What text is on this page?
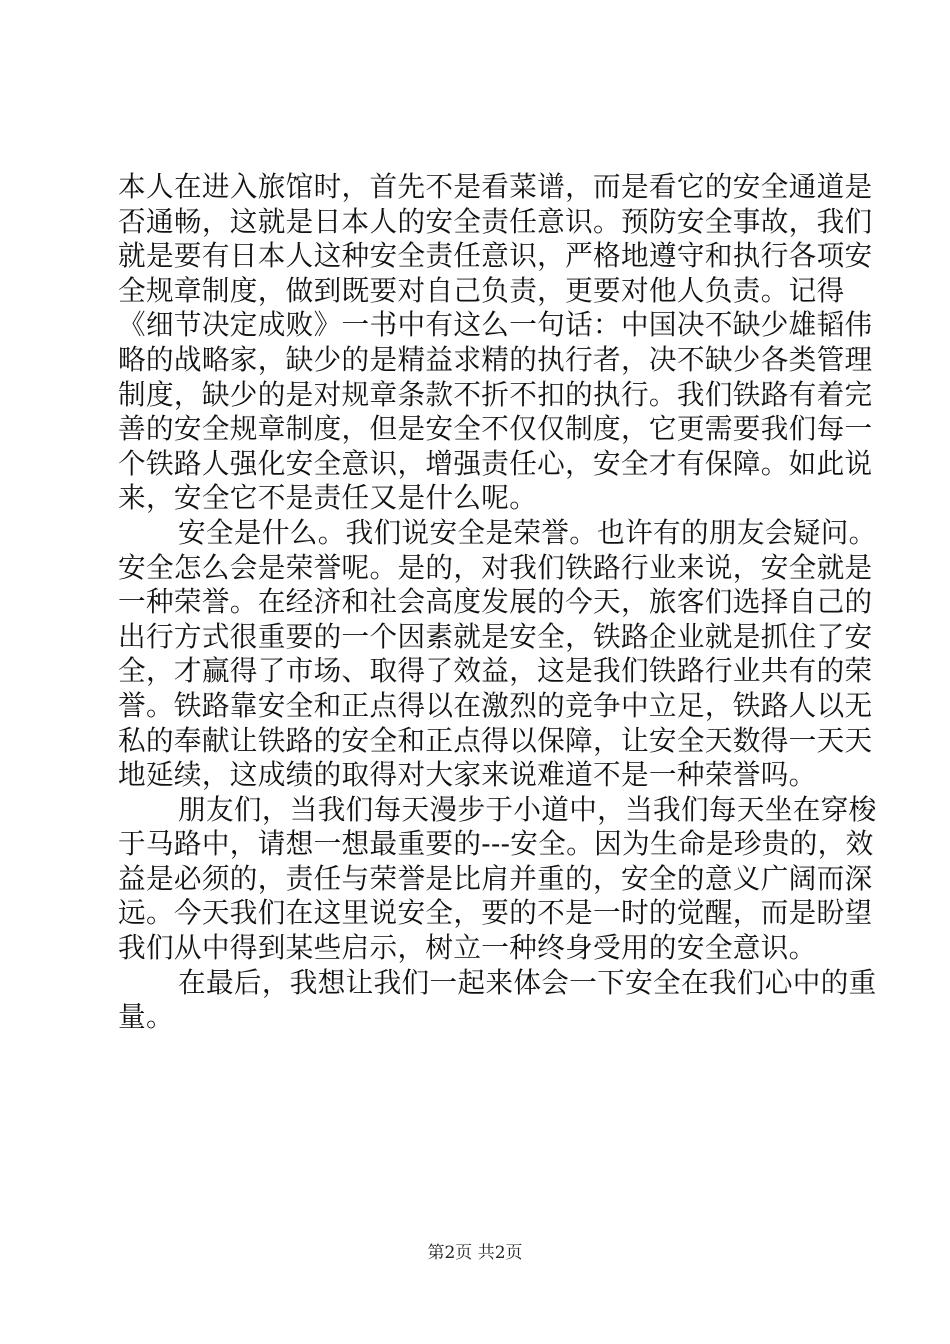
本人在进入旅馆时，首先不是看菜谱，而是看它的安全通道是
否通畅，这就是日本人的安全责任意识。预防安全事故，我们
就是要有日本人这种安全责任意识，严格地遵守和执行各项安
全规章制度，做到既要对自己负责，更要对他人负责。记得
《细节决定成败》一书中有这么一句话：中国决不缺少雄韬伟
略的战略家，缺少的是精益求精的执行者，决不缺少各类管理
制度，缺少的是对规章条款不折不扣的执行。我们铁路有着完
善的安全规章制度，但是安全不仅仅制度，它更需要我们每一
个铁路人强化安全意识，增强责任心，安全才有保障。如此说
来，安全它不是责任又是什么呢。
安全是什么。我们说安全是荣誉。也许有的朋友会疑问。
安全怎么会是荣誉呢。是的，对我们铁路行业来说，安全就是
一种荣誉。在经济和社会高度发展的今天，旅客们选择自己的
出行方式很重要的一个因素就是安全，铁路企业就是抓住了安
全，才赢得了市场、取得了效益，这是我们铁路行业共有的荣
誉。铁路靠安全和正点得以在激烈的竞争中立足，铁路人以无
私的奉献让铁路的安全和正点得以保障，让安全天数得一天天
地延续，这成绩的取得对大家来说难道不是一种荣誉吗。
朋友们，当我们每天漫步于小道中，当我们每天坐在穿梭
于马路中，请想一想最重要的---安全。因为生命是珍贵的，效
益是必须的，责任与荣誉是比肩并重的，安全的意义广阔而深
远。今天我们在这里说安全，要的不是一时的觉醒，而是盼望
我们从中得到某些启示，树立一种终身受用的安全意识。
在最后，我想让我们一起来体会一下安全在我们心中的重
量。
第2页 共2页
